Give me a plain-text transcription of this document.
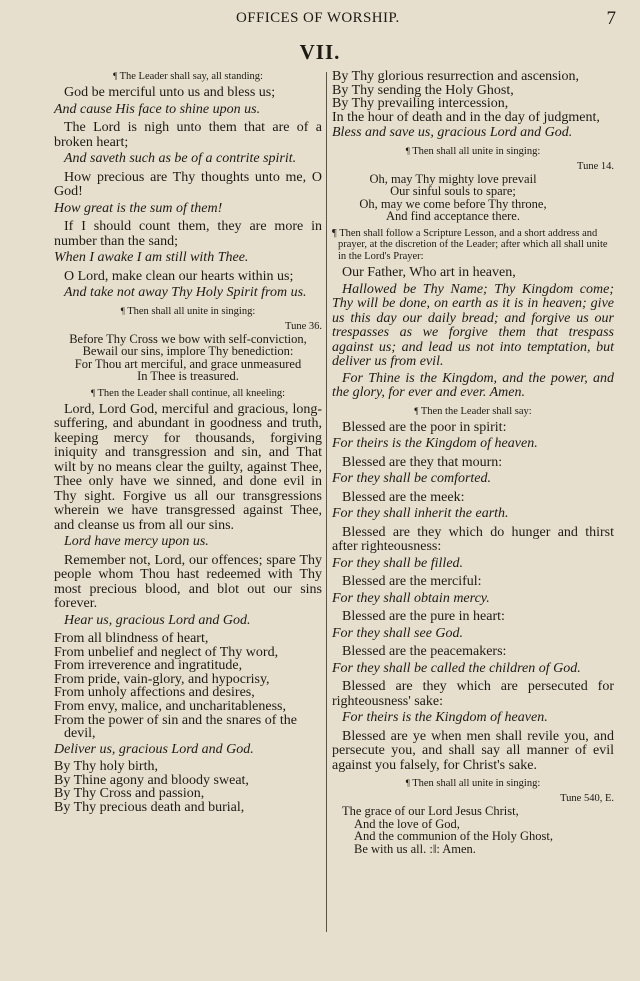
OFFICES OF WORSHIP.	7
VII.

¶ The Leader shall say, all standing:

God be merciful unto us and bless us;

And cause His face to shine upon us.

The Lord is nigh unto them that are of a broken heart;

And saveth such as be of a contrite spirit.

How precious are Thy thoughts unto me, O God!

How great is the sum of them!

If I should count them, they are more in number than the sand;

When I awake I am still with Thee.

O Lord, make clean our hearts within us;

And take not away Thy Holy Spirit from us.

¶ Then shall all unite in singing:

Tune 36.

Before Thy Cross we bow with self-conviction,

Bewail our sins, implore Thy benediction:

For Thou art merciful, and grace unmeasured

In Thee is treasured.

¶ Then the Leader shall continue, all kneeling:

Lord, Lord God, merciful and gracious, long-suffering, and abundant in goodness and truth, keeping mercy for thousands, forgiving iniquity and transgression and sin, and That wilt by no means clear the guilty, against Thee, Thee only have we sinned, and done evil in Thy sight. Forgive us all our transgressions wherein we have transgressed against Thee, and cleanse us from all our sins.

Lord have mercy upon us.

Remember not, Lord, our offences; spare Thy people whom Thou hast redeemed with Thy most precious blood, and blot out our sins forever.

Hear us, gracious Lord and God.

From all blindness of heart,

From unbelief and neglect of Thy word,

From irreverence and ingratitude,

From pride, vain-glory, and hypocrisy,

From unholy affections and desires,

From envy, malice, and uncharitableness,

From the power of sin and the snares of the devil,

Deliver us, gracious Lord and God.

By Thy holy birth,

By Thine agony and bloody sweat,

By Thy Cross and passion,

By Thy precious death and burial,

By Thy glorious resurrection and ascension,

By Thy sending the Holy Ghost,

By Thy prevailing intercession,

In the hour of death and in the day of judgment,

Bless and save us, gracious Lord and God.

¶ Then shall all unite in singing:

Tune 14.

Oh, may Thy mighty love prevail

Our sinful souls to spare;

Oh, may we come before Thy throne,

And find acceptance there.

¶ Then shall follow a Scripture Lesson, and a short address and prayer, at the discretion of the Leader; after which all shall unite in the Lord's Prayer:

Our Father, Who art in heaven,

Hallowed be Thy Name; Thy Kingdom come; Thy will be done, on earth as it is in heaven; give us this day our daily bread; and forgive us our trespasses as we forgive them that trespass against us; and lead us not into temptation, but deliver us from evil.

For Thine is the Kingdom, and the power, and the glory, for ever and ever. Amen.

¶ Then the Leader shall say:

Blessed are the poor in spirit:

For theirs is the Kingdom of heaven.

Blessed are they that mourn:

For they shall be comforted.

Blessed are the meek:

For they shall inherit the earth.

Blessed are they which do hunger and thirst after righteousness:

For they shall be filled.

Blessed are the merciful:

For they shall obtain mercy.

Blessed are the pure in heart:

For they shall see God.

Blessed are the peacemakers:

For they shall be called the children of God.

Blessed are they which are persecuted for righteousness' sake:

For theirs is the Kingdom of heaven.

Blessed are ye when men shall revile you, and persecute you, and shall say all manner of evil against you falsely, for Christ's sake.

¶ Then shall all unite in singing:

Tune 540, E.

The grace of our Lord Jesus Christ,

And the love of God,

And the communion of the Holy Ghost,

Be with us all. :‖: Amen.
